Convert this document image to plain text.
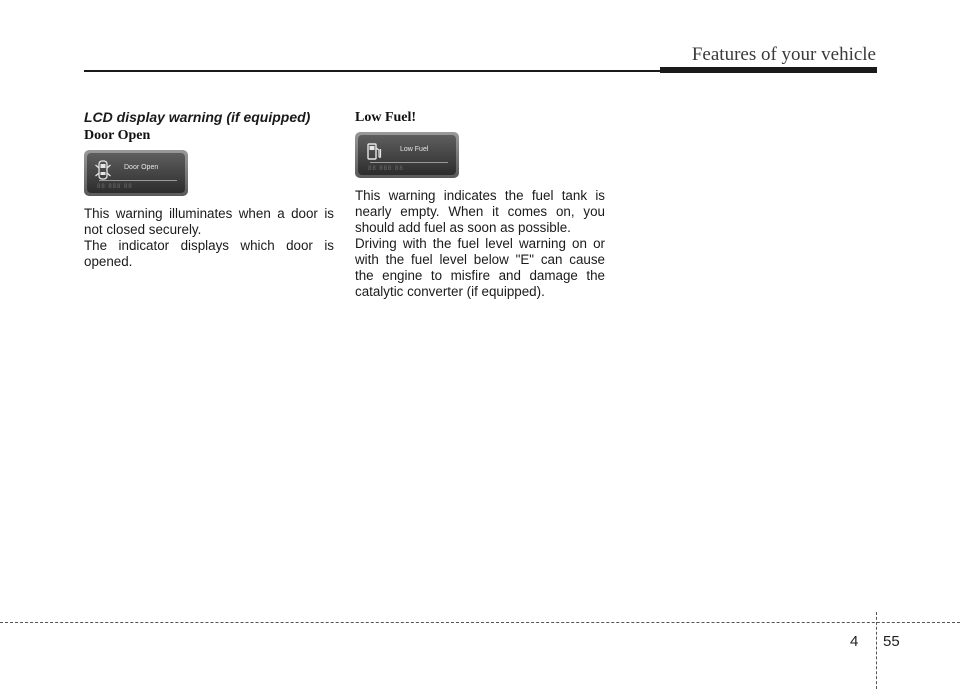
Features of your vehicle
LCD display warning (if equipped)
Door Open
Door Open
88 888 88

This warning illuminates when a door is not closed securely.

The indicator displays which door is opened.

Low Fuel!
Low Fuel
88 888 88

This warning indicates the fuel tank is nearly empty. When it comes on, you should add fuel as soon as possible.

Driving with the fuel level warning on or with the fuel level below "E" can cause the engine to misfire and damage the catalytic converter (if equipped).

4 55
